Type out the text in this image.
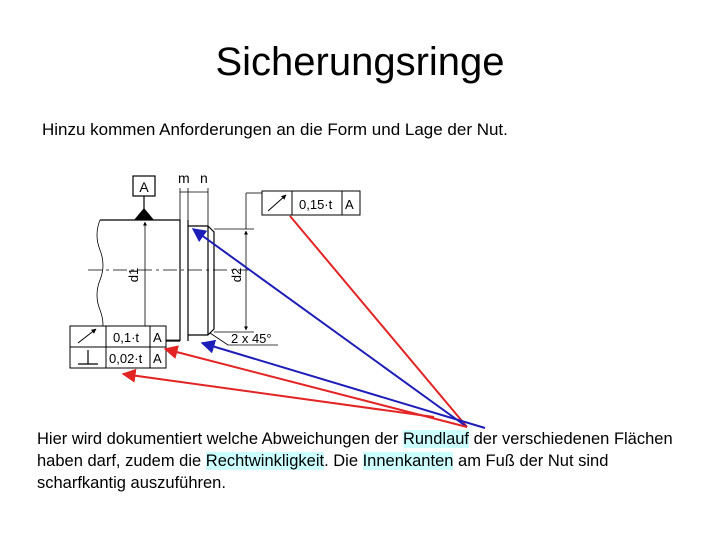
Sicherungsringe
Hinzu kommen Anforderungen an die Form und Lage der Nut.
A
m n
d1	d2
2 x 45°
0,15·t A
0,1·t A
0,02·t A
Hier wird dokumentiert welche Abweichungen der Rundlauf der verschiedenen Flächen haben darf, zudem die Rechtwinkligkeit. Die Innenkanten am Fuß der Nut sind scharfkantig auszuführen.
